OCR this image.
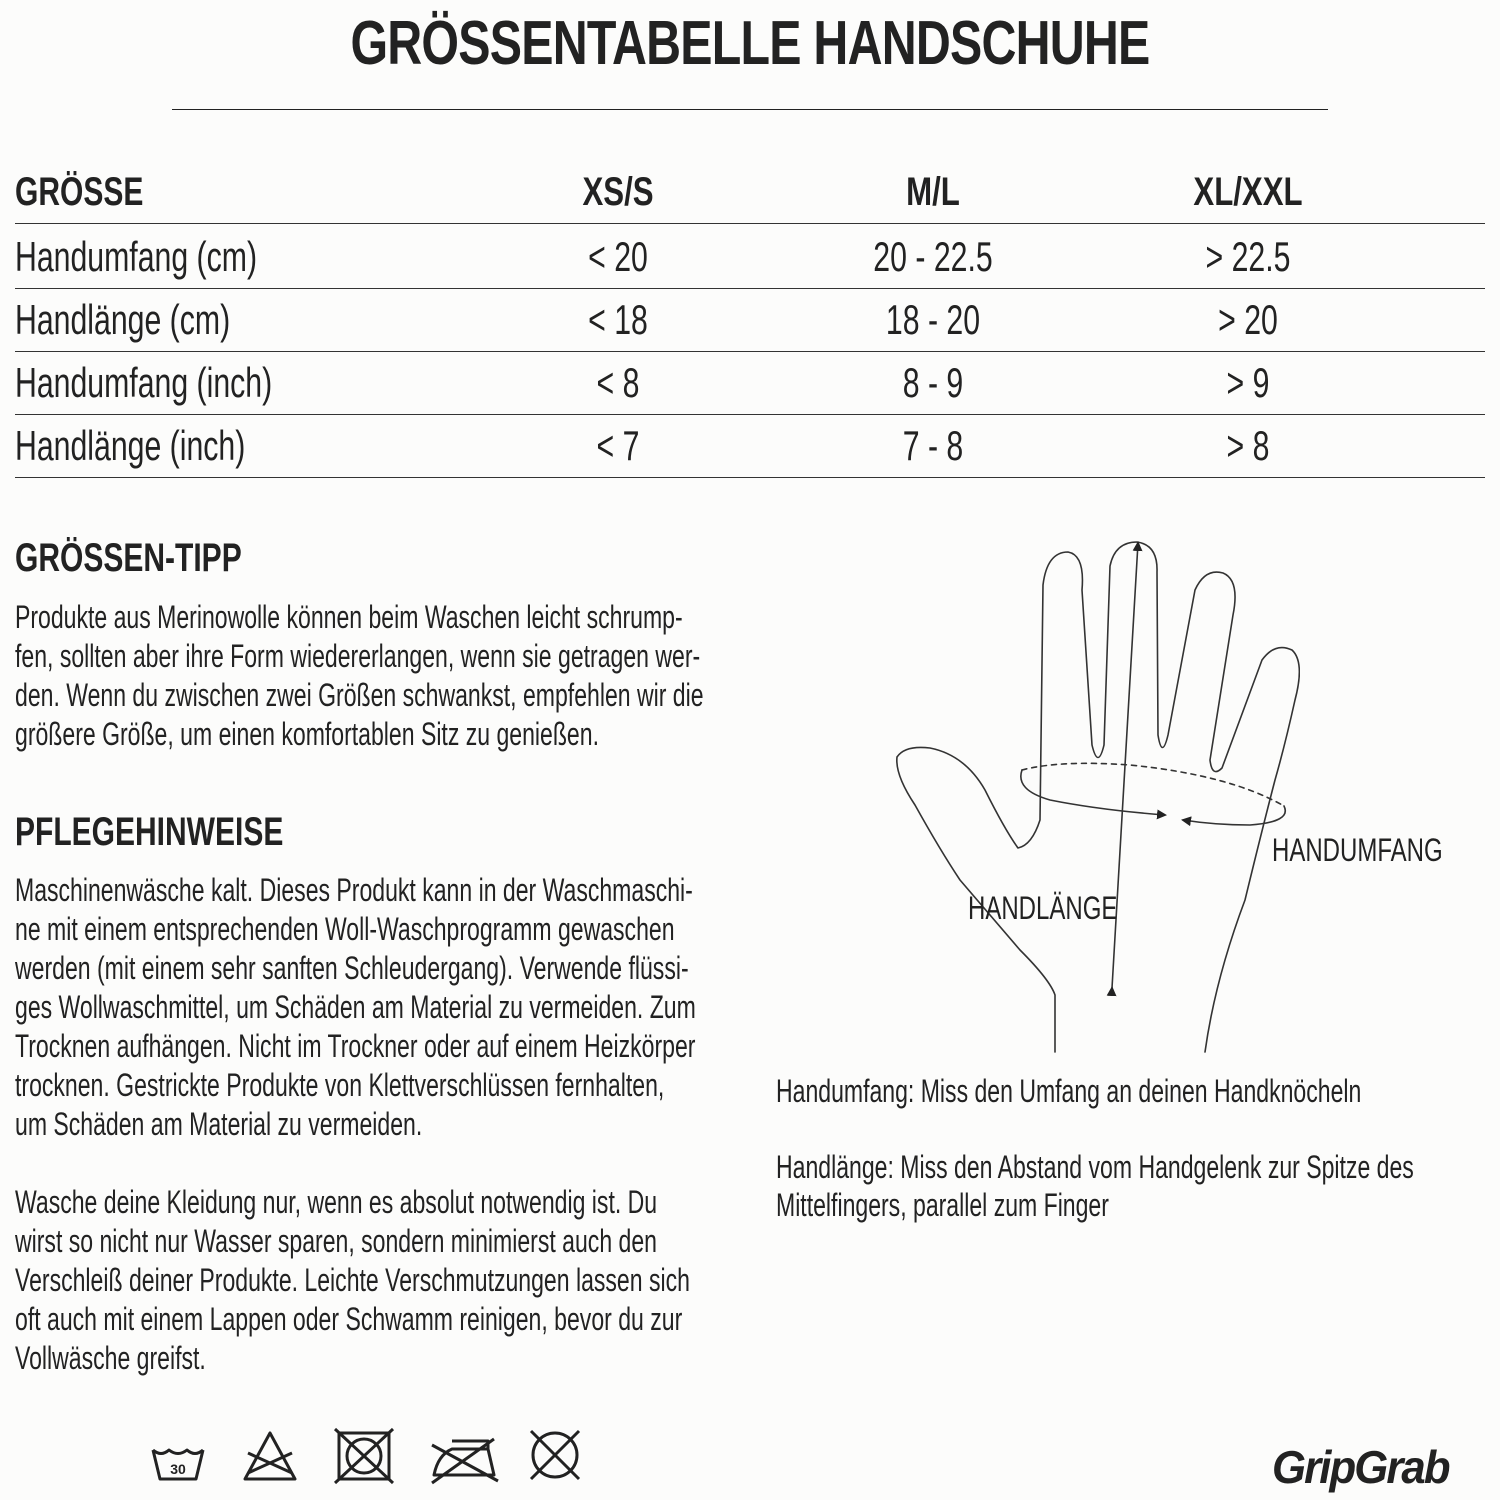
GRÖSSENTABELLE HANDSCHUHE
GRÖSSE	XS/S	M/L	XL/XXL
Handumfang (cm)	< 20	20 - 22.5	> 22.5
Handlänge (cm)	< 18	18 - 20	> 20
Handumfang (inch)	< 8	8 - 9	> 9
Handlänge (inch)	< 7	7 - 8	> 8
GRÖSSEN-TIPP
Produkte aus Merinowolle können beim Waschen leicht schrump-
fen, sollten aber ihre Form wiedererlangen, wenn sie getragen wer-
den. Wenn du zwischen zwei Größen schwankst, empfehlen wir die
größere Größe, um einen komfortablen Sitz zu genießen.
PFLEGEHINWEISE
Maschinenwäsche kalt. Dieses Produkt kann in der Waschmaschi-
ne mit einem entsprechenden Woll-Waschprogramm gewaschen
werden (mit einem sehr sanften Schleudergang). Verwende flüssi-
ges Wollwaschmittel, um Schäden am Material zu vermeiden. Zum
Trocknen aufhängen. Nicht im Trockner oder auf einem Heizkörper
trocknen. Gestrickte Produkte von Klettverschlüssen fernhalten,
um Schäden am Material zu vermeiden.
Wasche deine Kleidung nur, wenn es absolut notwendig ist. Du
wirst so nicht nur Wasser sparen, sondern minimierst auch den
Verschleiß deiner Produkte. Leichte Verschmutzungen lassen sich
oft auch mit einem Lappen oder Schwamm reinigen, bevor du zur
Vollwäsche greifst.
HANDUMFANG
HANDLÄNGE
Handumfang: Miss den Umfang an deinen Handknöcheln
Handlänge: Miss den Abstand vom Handgelenk zur Spitze des
Mittelfingers, parallel zum Finger
30	GripGrab
